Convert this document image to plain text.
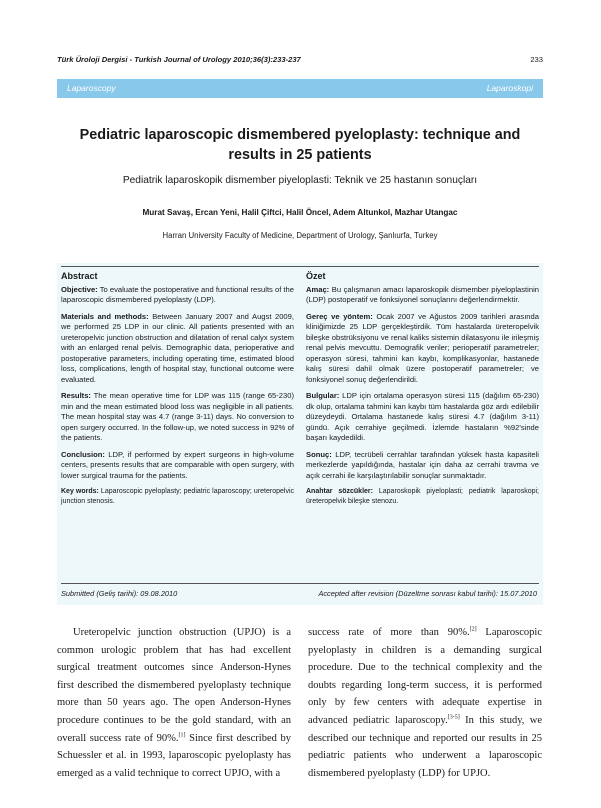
Türk Üroloji Dergisi - Turkish Journal of Urology 2010;36(3):233-237	233
Laparoscopy	Laparoskopi
Pediatric laparoscopic dismembered pyeloplasty: technique and results in 25 patients
Pediatrik laparoskopik dismember piyeloplasti: Teknik ve 25 hastanın sonuçları
Murat Savaş, Ercan Yeni, Halil Çiftci, Halil Öncel, Adem Altunkol, Mazhar Utangac
Harran University Faculty of Medicine, Department of Urology, Şanlıurfa, Turkey
Abstract

Objective: To evaluate the postoperative and functional results of the laparoscopic dismembered pyeloplasty (LDP).

Materials and methods: Between January 2007 and Augst 2009, we performed 25 LDP in our clinic. All patients presented with an ureteropelvic junction obstruction and dilatation of renal calyx system with an enlarged renal pelvis. Demographic data, perioperative and postoperative parameters, including operating time, estimated blood loss, complications, length of hospital stay, functional outcome were evaluated.

Results: The mean operative time for LDP was 115 (range 65-230) min and the mean estimated blood loss was negligible in all patients. The mean hospital stay was 4.7 (range 3-11) days. No conversion to open surgery occurred. In the follow-up, we noted success in 92% of the patients.

Conclusion: LDP, if performed by expert surgeons in high-volume centers, presents results that are comparable with open surgery, with lower surgical trauma for the patients.

Key words: Laparoscopic pyeloplasty; pediatric laparoscopy; ureteropelvic junction stenosis.

Özet

Amaç: Bu çalışmanın amacı laparoskopik dismember piyeloplastinin (LDP) postoperatif ve fonksiyonel sonuçlarını değerlendirmektir.

Gereç ve yöntem: Ocak 2007 ve Ağustos 2009 tarihleri arasında kliniğimizde 25 LDP gerçekleştirdik. Tüm hastalarda üreteropelvik bileşke obstrüksiyonu ve renal kaliks sistemin dilatasyonu ile irileşmiş renal pelvis mevcuttu. Demografik veriler; perioperatif parametreler; operasyon süresi, tahmini kan kaybı, komplikasyonlar, hastanede kalış süresi dahil olmak üzere postoperatif parametreler; ve fonksiyonel sonuç değerlendirildi.

Bulgular: LDP için ortalama operasyon süresi 115 (dağılım 65-230) dk olup, ortalama tahmini kan kaybı tüm hastalarda göz ardı edilebilir düzeydeydi. Ortalama hastanede kalış süresi 4.7 (dağılım 3-11) gündü. Açık cerrahiye geçilmedi. İzlemde hastaların %92'sinde başarı kaydedildi.

Sonuç: LDP, tecrübeli cerrahlar tarafından yüksek hasta kapasiteli merkezlerde yapıldığında, hastalar için daha az cerrahi travma ve açık cerrahi ile karşılaştırılabilir sonuçlar sunmaktadır.

Anahtar sözcükler: Laparoskopik piyeloplasti; pediatrik laparoskopi; üreteropelvik bileşke stenozu.

Submitted (Geliş tarihi): 09.08.2010	Accepted after revision (Düzeltme sonrası kabul tarihi): 15.07.2010

Ureteropelvic junction obstruction (UPJO) is a common urologic problem that has had excellent surgical treatment outcomes since Anderson-Hynes first described the dismembered pyeloplasty technique more than 50 years ago. The open Anderson-Hynes procedure continues to be the gold standard, with an overall success rate of 90%.[1] Since first described by Schuessler et al. in 1993, laparoscopic pyeloplasty has emerged as a valid technique to correct UPJO, with a

success rate of more than 90%.[2] Laparoscopic pyeloplasty in children is a demanding surgical procedure. Due to the technical complexity and the doubts regarding long-term success, it is performed only by few centers with adequate expertise in advanced pediatric laparoscopy.[3-5] In this study, we described our technique and reported our results in 25 pediatric patients who underwent a laparoscopic dismembered pyeloplasty (LDP) for UPJO.
